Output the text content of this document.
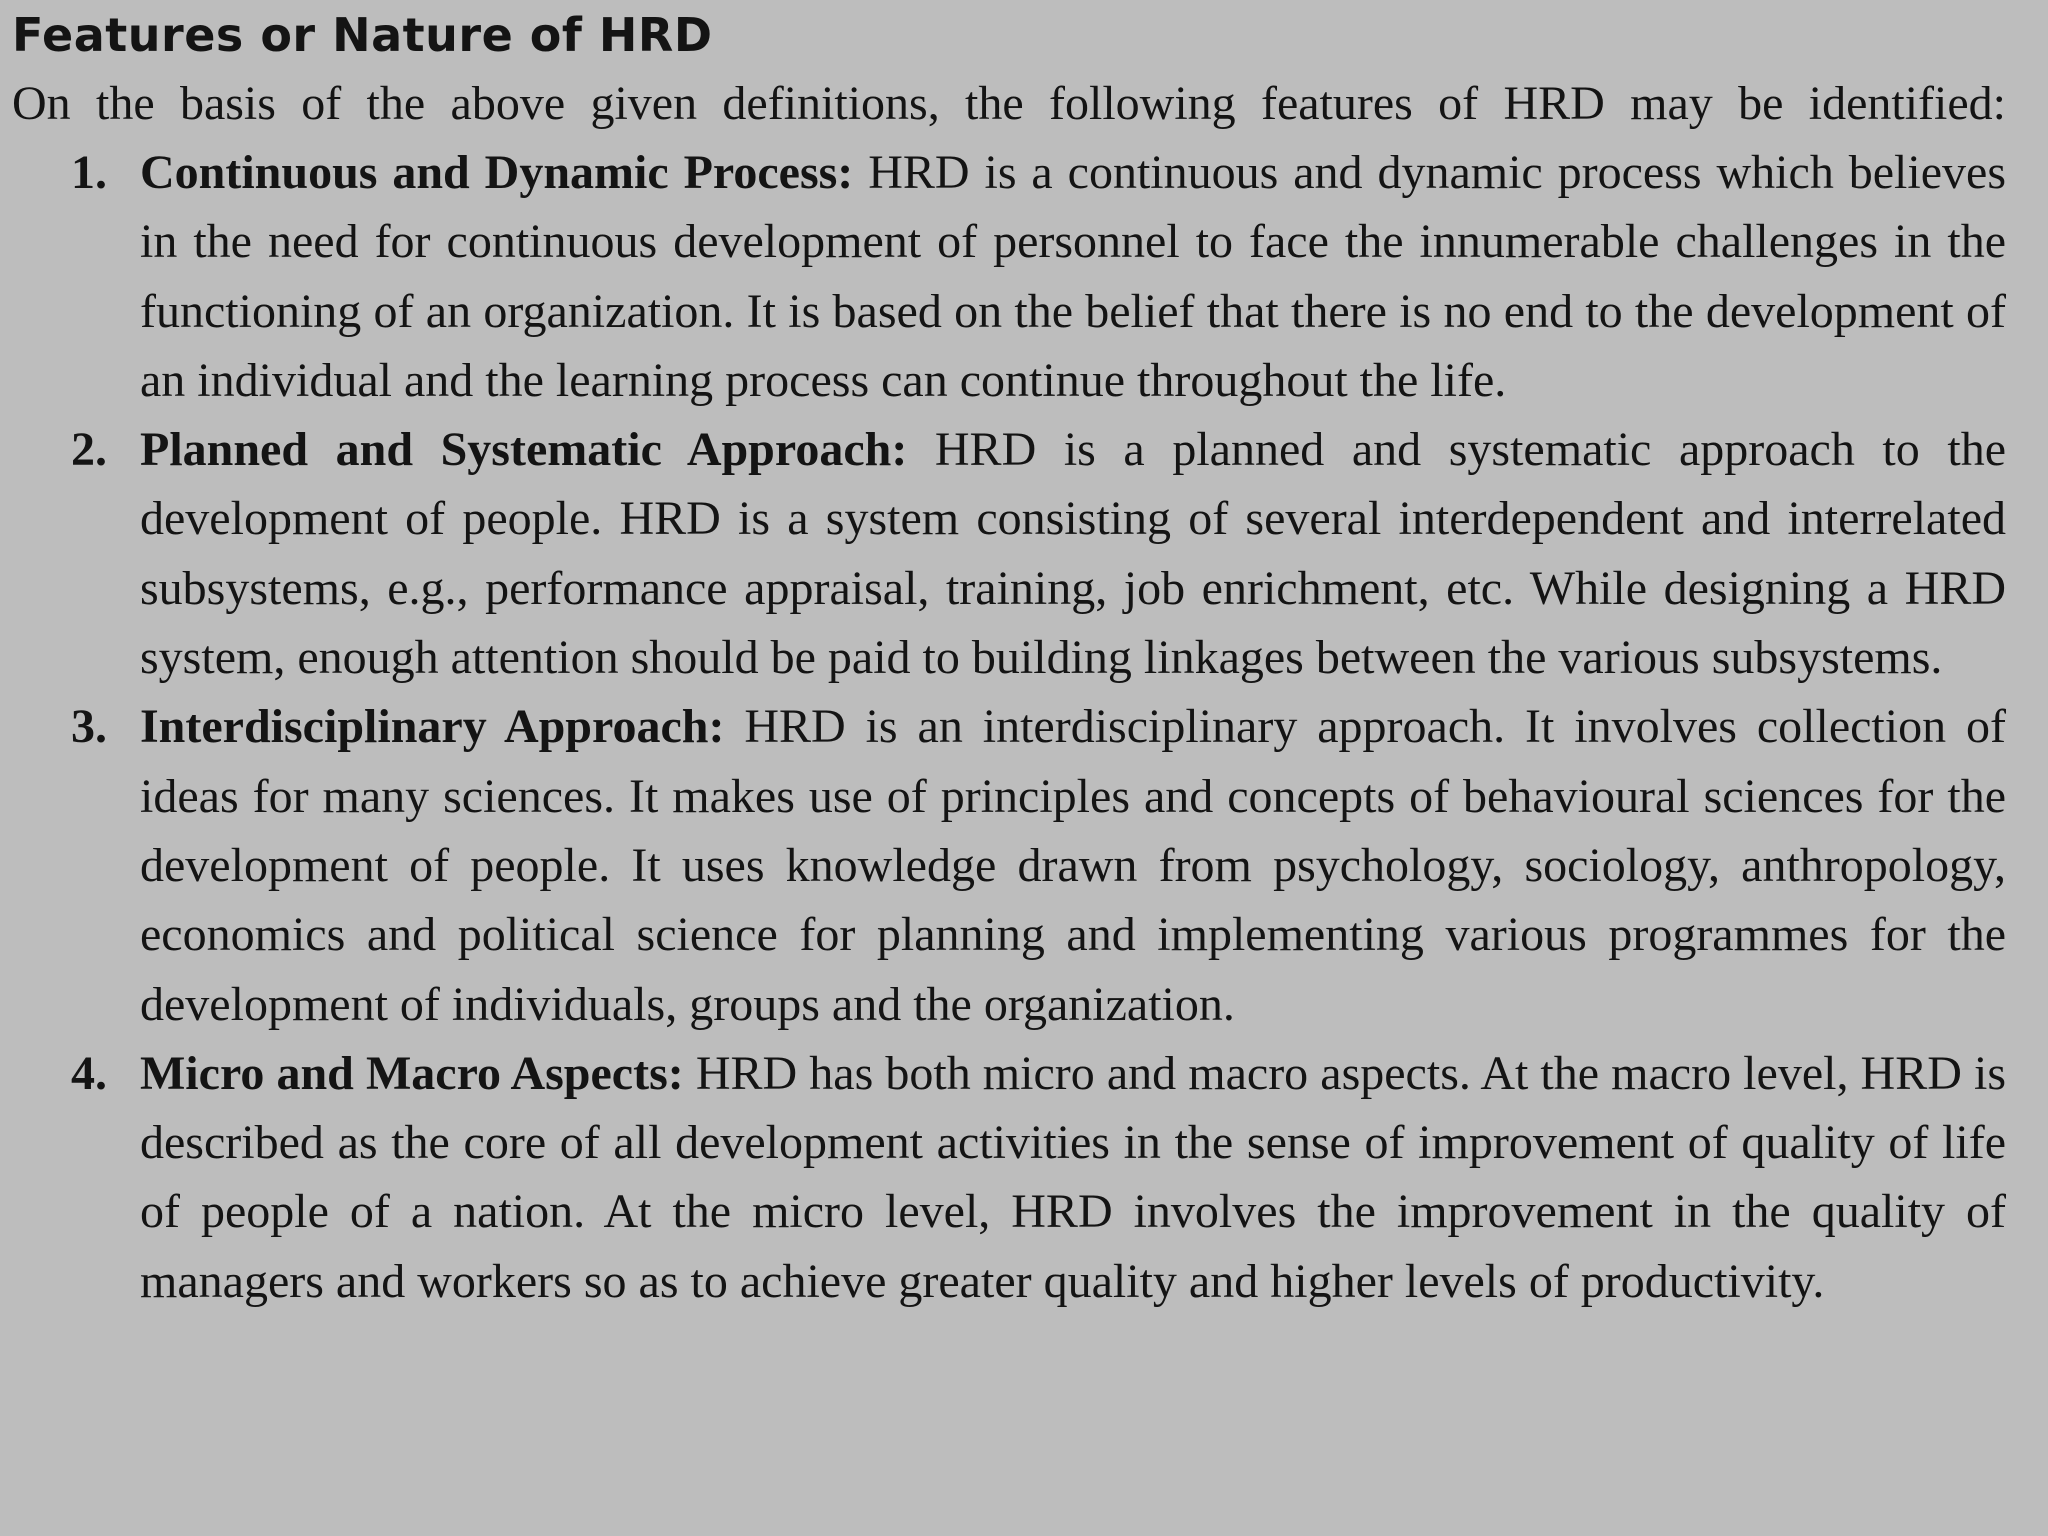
Features or Nature of HRD

On the basis of the above given definitions, the following features of HRD may be identified:

1. Continuous and Dynamic Process: HRD is a continuous and dynamic process which believes in the need for continuous development of personnel to face the innumerable challenges in the functioning of an organization. It is based on the belief that there is no end to the development of an individual and the learning process can continue throughout the life.
2. Planned and Systematic Approach: HRD is a planned and systematic approach to the development of people. HRD is a system consisting of several interdependent and interrelated subsystems, e.g., performance appraisal, training, job enrichment, etc. While designing a HRD system, enough attention should be paid to building linkages between the various subsystems.
3. Interdisciplinary Approach: HRD is an interdisciplinary approach. It involves collection of ideas for many sciences. It makes use of principles and concepts of behavioural sciences for the development of people. It uses knowledge drawn from psychology, sociology, anthropology, economics and political science for planning and implementing various programmes for the development of individuals, groups and the organization.
4. Micro and Macro Aspects: HRD has both micro and macro aspects. At the macro level, HRD is described as the core of all development activities in the sense of improvement of quality of life of people of a nation. At the micro level, HRD involves the improvement in the quality of managers and workers so as to achieve greater quality and higher levels of productivity.
